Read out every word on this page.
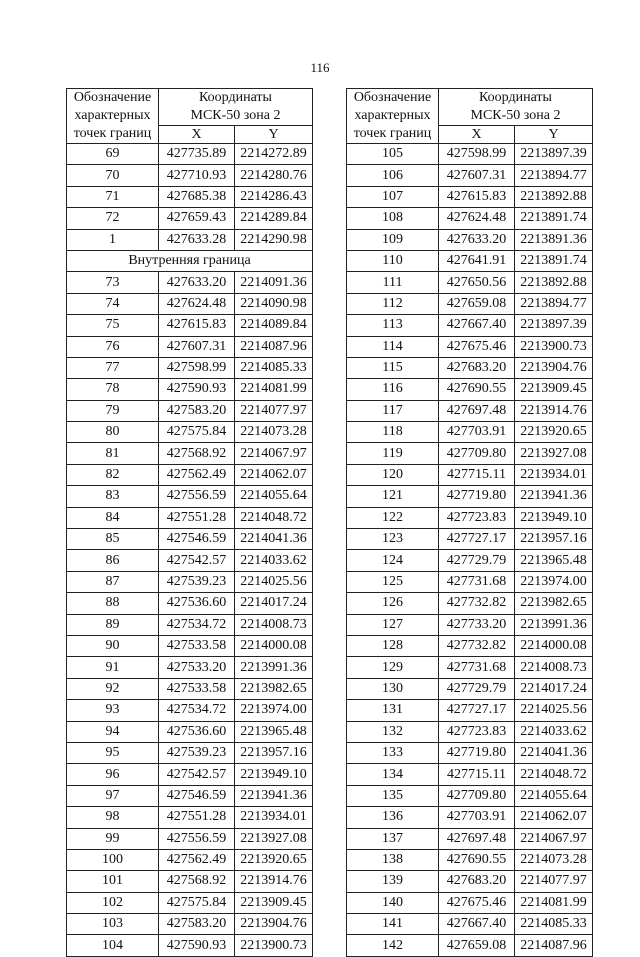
116
Обозначение
характерных
точек границ	Координаты
МСК-50 зона 2	
	X	Y
69	427735.89	2214272.89
70	427710.93	2214280.76
71	427685.38	2214286.43
72	427659.43	2214289.84
1	427633.28	2214290.98
Внутренняя граница		
73	427633.20	2214091.36
74	427624.48	2214090.98
75	427615.83	2214089.84
76	427607.31	2214087.96
77	427598.99	2214085.33
78	427590.93	2214081.99
79	427583.20	2214077.97
80	427575.84	2214073.28
81	427568.92	2214067.97
82	427562.49	2214062.07
83	427556.59	2214055.64
84	427551.28	2214048.72
85	427546.59	2214041.36
86	427542.57	2214033.62
87	427539.23	2214025.56
88	427536.60	2214017.24
89	427534.72	2214008.73
90	427533.58	2214000.08
91	427533.20	2213991.36
92	427533.58	2213982.65
93	427534.72	2213974.00
94	427536.60	2213965.48
95	427539.23	2213957.16
96	427542.57	2213949.10
97	427546.59	2213941.36
98	427551.28	2213934.01
99	427556.59	2213927.08
100	427562.49	2213920.65
101	427568.92	2213914.76
102	427575.84	2213909.45
103	427583.20	2213904.76
104	427590.93	2213900.73
Обозначение
характерных
точек границ	Координаты
МСК-50 зона 2	
	X	Y
105	427598.99	2213897.39
106	427607.31	2213894.77
107	427615.83	2213892.88
108	427624.48	2213891.74
109	427633.20	2213891.36
110	427641.91	2213891.74
111	427650.56	2213892.88
112	427659.08	2213894.77
113	427667.40	2213897.39
114	427675.46	2213900.73
115	427683.20	2213904.76
116	427690.55	2213909.45
117	427697.48	2213914.76
118	427703.91	2213920.65
119	427709.80	2213927.08
120	427715.11	2213934.01
121	427719.80	2213941.36
122	427723.83	2213949.10
123	427727.17	2213957.16
124	427729.79	2213965.48
125	427731.68	2213974.00
126	427732.82	2213982.65
127	427733.20	2213991.36
128	427732.82	2214000.08
129	427731.68	2214008.73
130	427729.79	2214017.24
131	427727.17	2214025.56
132	427723.83	2214033.62
133	427719.80	2214041.36
134	427715.11	2214048.72
135	427709.80	2214055.64
136	427703.91	2214062.07
137	427697.48	2214067.97
138	427690.55	2214073.28
139	427683.20	2214077.97
140	427675.46	2214081.99
141	427667.40	2214085.33
142	427659.08	2214087.96
